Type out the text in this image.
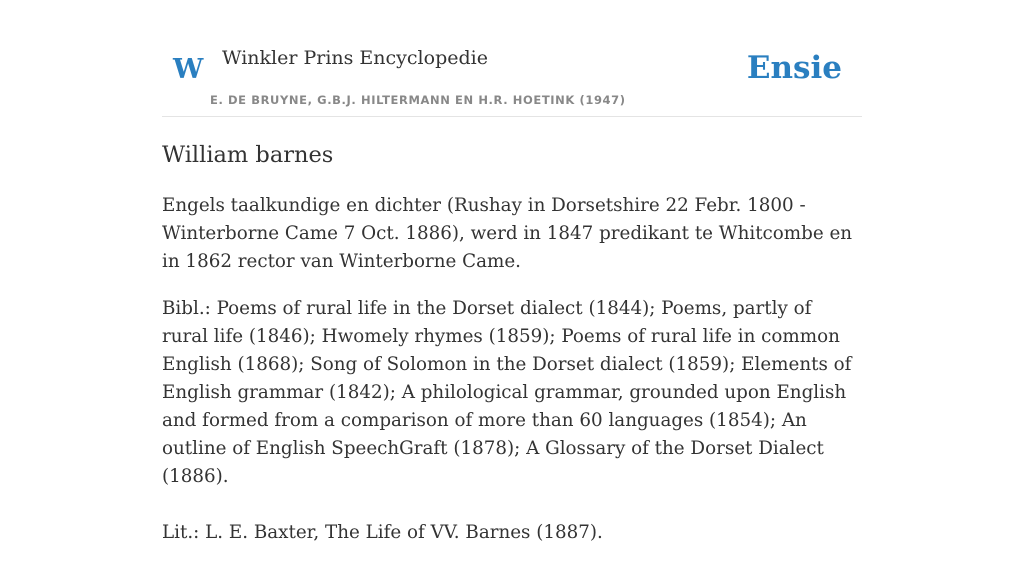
W Winkler Prins Encyclopedie
E. DE BRUYNE, G.B.J. HILTERMANN EN H.R. HOETINK (1947)
Ensie
William barnes

Engels taalkundige en dichter (Rushay in Dorsetshire 22 Febr. 1800 - Winterborne Came 7 Oct. 1886), werd in 1847 predikant te Whitcombe en in 1862 rector van Winterborne Came.

Bibl.: Poems of rural life in the Dorset dialect (1844); Poems, partly of rural life (1846); Hwomely rhymes (1859); Poems of rural life in common English (1868); Song of Solomon in the Dorset dialect (1859); Elements of English grammar (1842); A philological grammar, grounded upon English and formed from a comparison of more than 60 languages (1854); An outline of English SpeechGraft (1878); A Glossary of the Dorset Dialect (1886).

Lit.: L. E. Baxter, The Life of VV. Barnes (1887).
